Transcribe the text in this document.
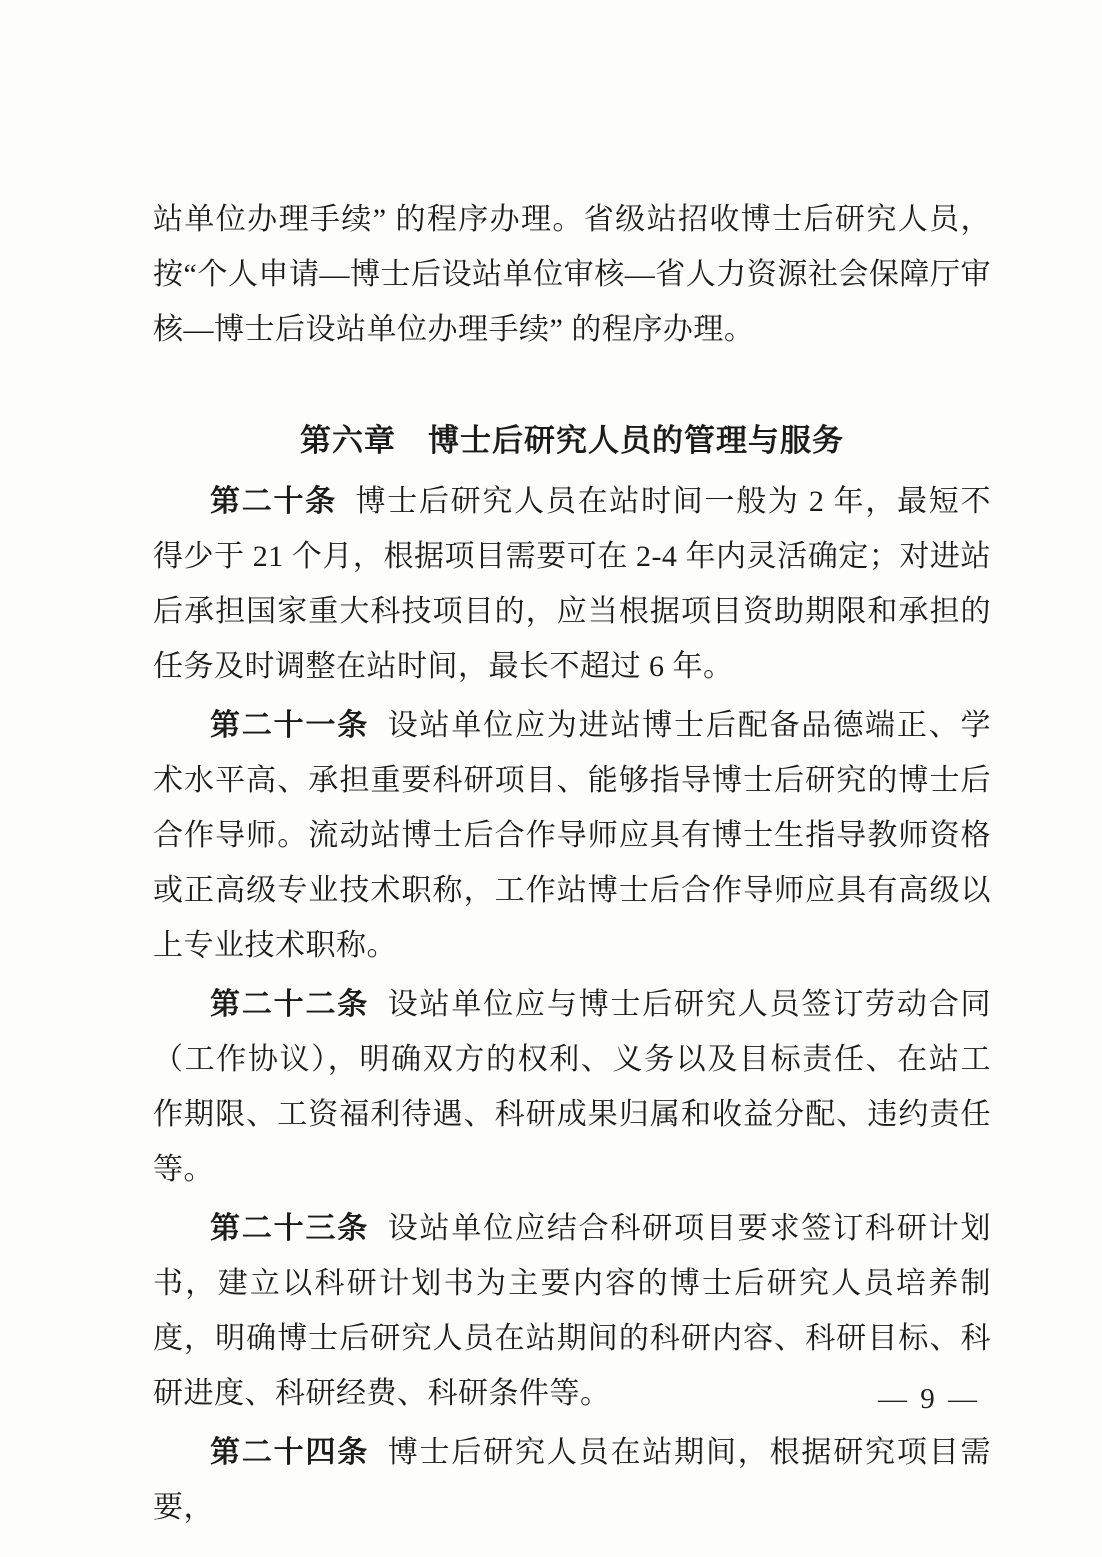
站单位办理手续” 的程序办理。省级站招收博士后研究人员，按“个人申请—博士后设站单位审核—省人力资源社会保障厅审核—博士后设站单位办理手续” 的程序办理。

第六章　博士后研究人员的管理与服务

第二十条 博士后研究人员在站时间一般为 2 年，最短不得少于 21 个月，根据项目需要可在 2-4 年内灵活确定；对进站后承担国家重大科技项目的，应当根据项目资助期限和承担的任务及时调整在站时间，最长不超过 6 年。

第二十一条 设站单位应为进站博士后配备品德端正、学术水平高、承担重要科研项目、能够指导博士后研究的博士后合作导师。流动站博士后合作导师应具有博士生指导教师资格或正高级专业技术职称，工作站博士后合作导师应具有高级以上专业技术职称。

第二十二条 设站单位应与博士后研究人员签订劳动合同（工作协议），明确双方的权利、义务以及目标责任、在站工作期限、工资福利待遇、科研成果归属和收益分配、违约责任等。

第二十三条 设站单位应结合科研项目要求签订科研计划书，建立以科研计划书为主要内容的博士后研究人员培养制度，明确博士后研究人员在站期间的科研内容、科研目标、科研进度、科研经费、科研条件等。

第二十四条 博士后研究人员在站期间，根据研究项目需要，

— 9 —
